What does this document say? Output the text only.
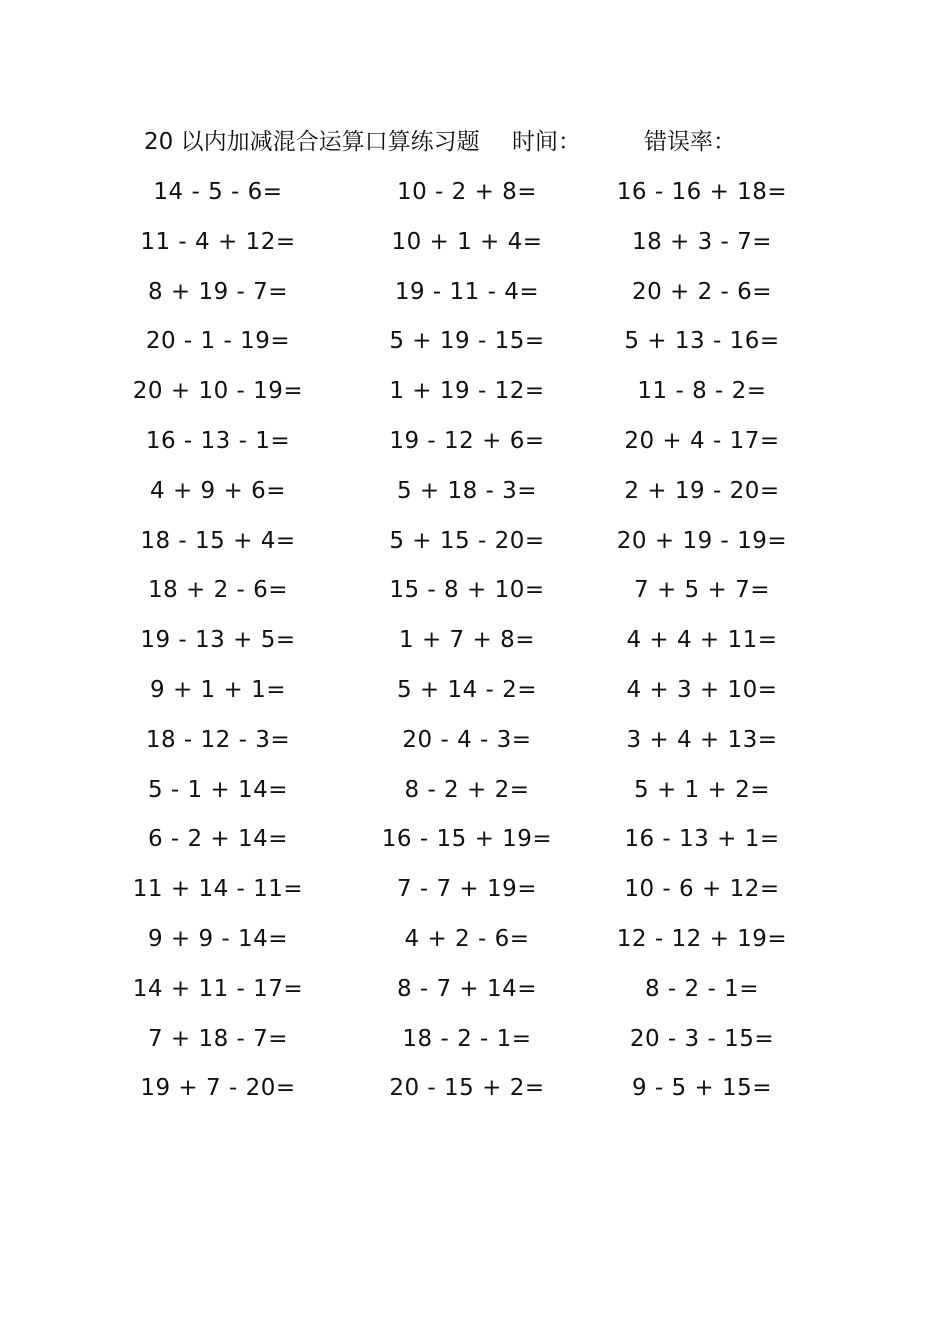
20 以内加减混合运算口算练习题 时间：	错误率：
14 - 5 - 6=	10 - 2 + 8=	16 - 16 + 18=
11 - 4 + 12=	10 + 1 + 4=	18 + 3 - 7=
8 + 19 - 7=	19 - 11 - 4=	20 + 2 - 6=
20 - 1 - 19=	5 + 19 - 15=	5 + 13 - 16=
20 + 10 - 19=	1 + 19 - 12=	11 - 8 - 2=
16 - 13 - 1=	19 - 12 + 6=	20 + 4 - 17=
4 + 9 + 6=	5 + 18 - 3=	2 + 19 - 20=
18 - 15 + 4=	5 + 15 - 20=	20 + 19 - 19=
18 + 2 - 6=	15 - 8 + 10=	7 + 5 + 7=
19 - 13 + 5=	1 + 7 + 8=	4 + 4 + 11=
9 + 1 + 1=	5 + 14 - 2=	4 + 3 + 10=
18 - 12 - 3=	20 - 4 - 3=	3 + 4 + 13=
5 - 1 + 14=	8 - 2 + 2=	5 + 1 + 2=
6 - 2 + 14=	16 - 15 + 19=	16 - 13 + 1=
11 + 14 - 11=	7 - 7 + 19=	10 - 6 + 12=
9 + 9 - 14=	4 + 2 - 6=	12 - 12 + 19=
14 + 11 - 17=	8 - 7 + 14=	8 - 2 - 1=
7 + 18 - 7=	18 - 2 - 1=	20 - 3 - 15=
19 + 7 - 20=	20 - 15 + 2=	9 - 5 + 15=
